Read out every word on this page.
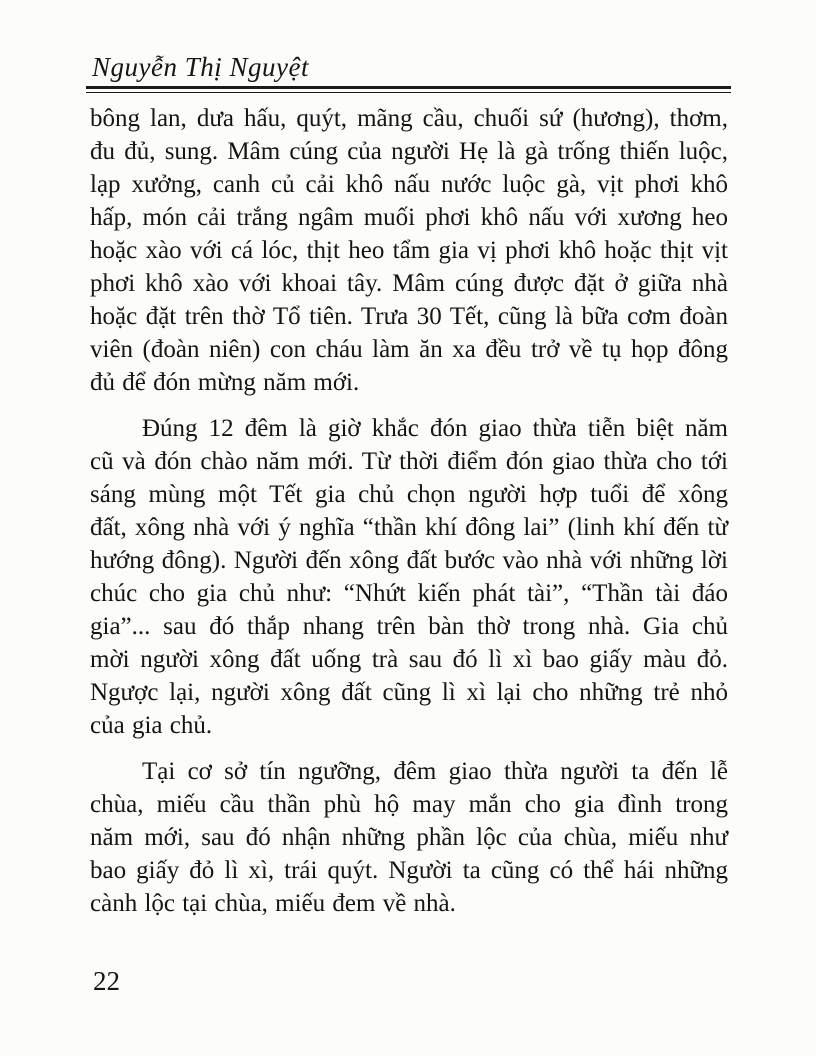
Nguyễn Thị Nguyệt
bông lan, dưa hấu, quýt, mãng cầu, chuối sứ (hương), thơm,
đu đủ, sung. Mâm cúng của người Hẹ là gà trống thiến luộc,
lạp xưởng, canh củ cải khô nấu nước luộc gà, vịt phơi khô
hấp, món cải trắng ngâm muối phơi khô nấu với xương heo
hoặc xào với cá lóc, thịt heo tẩm gia vị phơi khô hoặc thịt vịt
phơi khô xào với khoai tây. Mâm cúng được đặt ở giữa nhà
hoặc đặt trên thờ Tổ tiên. Trưa 30 Tết, cũng là bữa cơm đoàn
viên (đoàn niên) con cháu làm ăn xa đều trở về tụ họp đông
đủ để đón mừng năm mới.
Đúng 12 đêm là giờ khắc đón giao thừa tiễn biệt năm
cũ và đón chào năm mới. Từ thời điểm đón giao thừa cho tới
sáng mùng một Tết gia chủ chọn người hợp tuổi để xông
đất, xông nhà với ý nghĩa “thần khí đông lai” (linh khí đến từ
hướng đông). Người đến xông đất bước vào nhà với những lời
chúc cho gia chủ như: “Nhứt kiến phát tài”, “Thần tài đáo
gia”... sau đó thắp nhang trên bàn thờ trong nhà. Gia chủ
mời người xông đất uống trà sau đó lì xì bao giấy màu đỏ.
Ngược lại, người xông đất cũng lì xì lại cho những trẻ nhỏ
của gia chủ.
Tại cơ sở tín ngưỡng, đêm giao thừa người ta đến lễ
chùa, miếu cầu thần phù hộ may mắn cho gia đình trong
năm mới, sau đó nhận những phần lộc của chùa, miếu như
bao giấy đỏ lì xì, trái quýt. Người ta cũng có thể hái những
cành lộc tại chùa, miếu đem về nhà.
22
